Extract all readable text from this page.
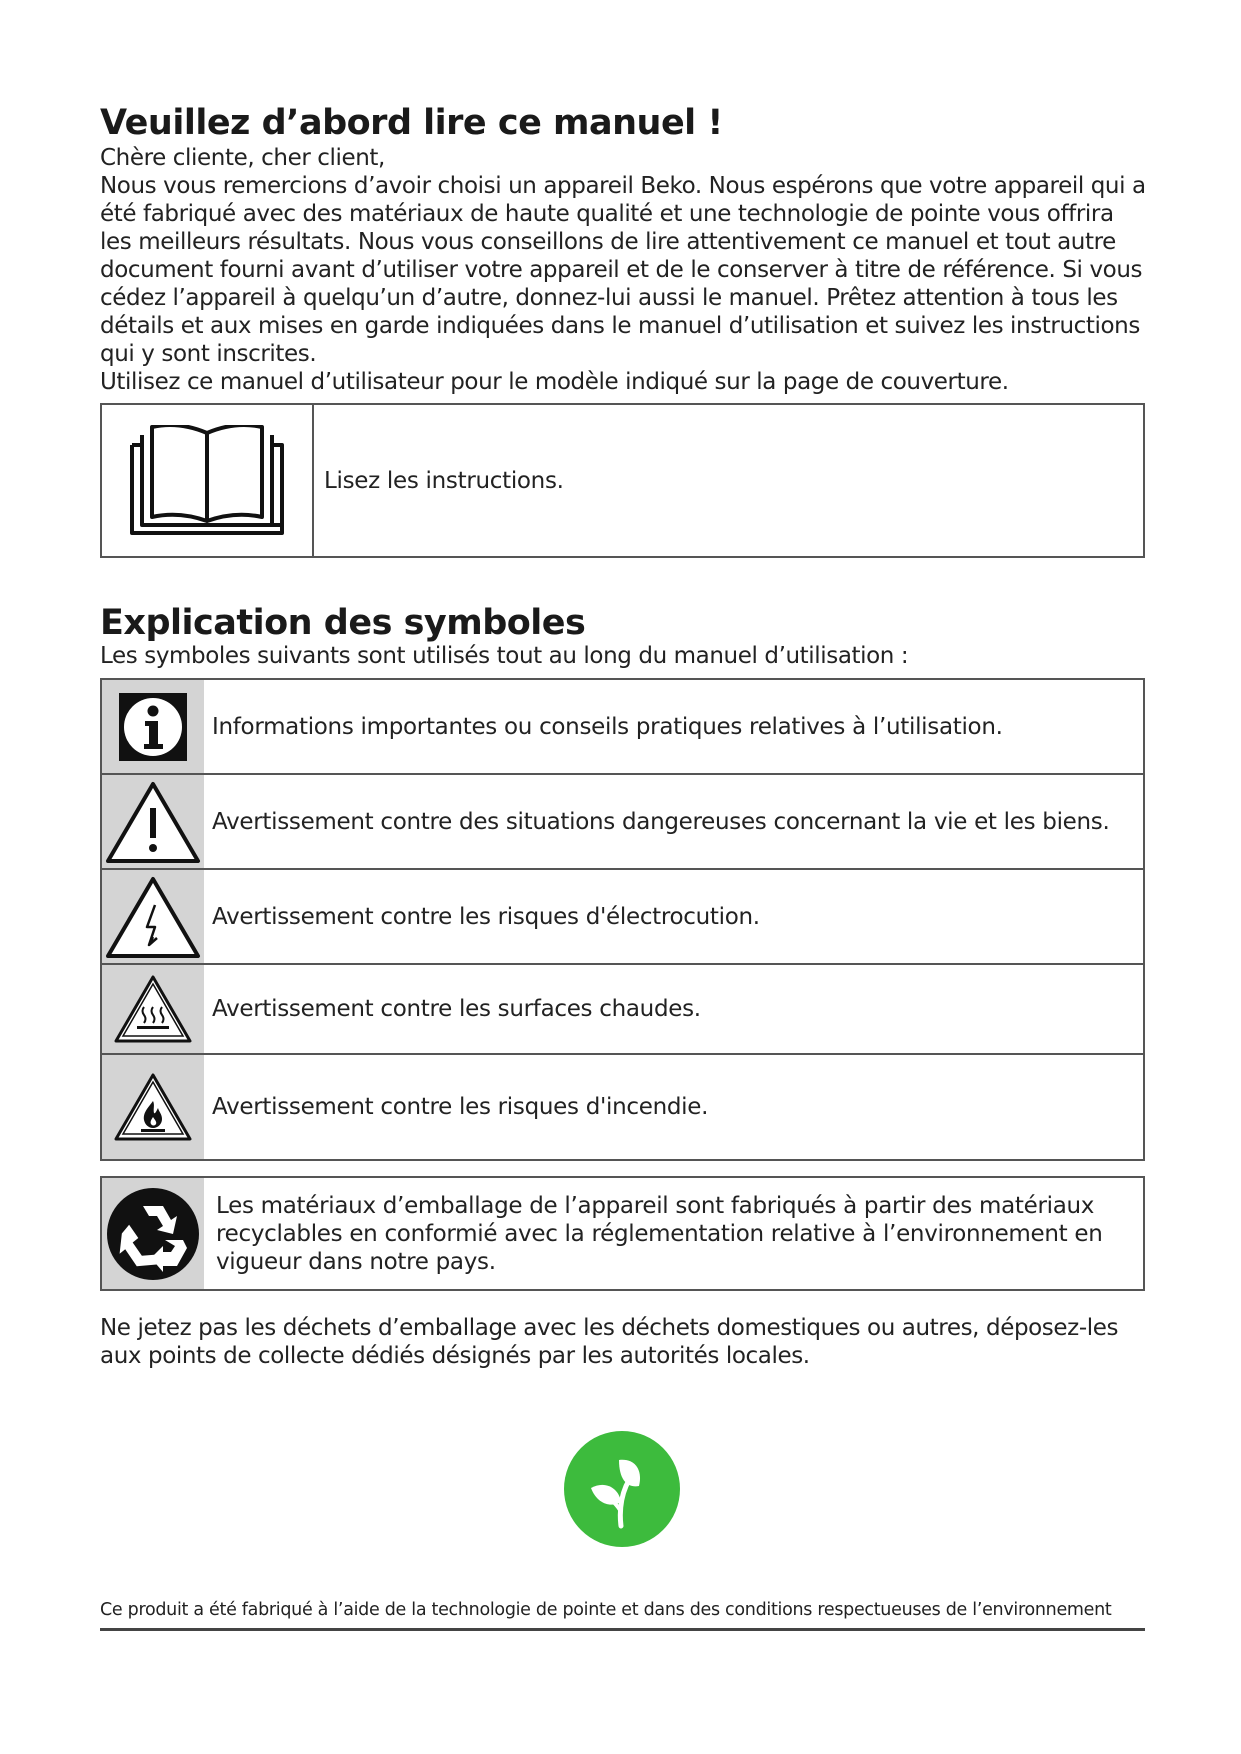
Veuillez d’abord lire ce manuel !

Chère cliente, cher client,

Nous vous remercions d’avoir choisi un appareil Beko. Nous espérons que votre appareil qui a été fabriqué avec des matériaux de haute qualité et une technologie de pointe vous offrira les meilleurs résultats. Nous vous conseillons de lire attentivement ce manuel et tout autre document fourni avant d’utiliser votre appareil et de le conserver à titre de référence. Si vous cédez l’appareil à quelqu’un d’autre, donnez-lui aussi le manuel. Prêtez attention à tous les détails et aux mises en garde indiquées dans le manuel d’utilisation et suivez les instructions qui y sont inscrites.

Utilisez ce manuel d’utilisateur pour le modèle indiqué sur la page de couverture.

Lisez les instructions.
Explication des symboles
Les symboles suivants sont utilisés tout au long du manuel d’utilisation :
Informations importantes ou conseils pratiques relatives à l’utilisation.
Avertissement contre des situations dangereuses concernant la vie et les biens.
Avertissement contre les risques d'électrocution.
Avertissement contre les surfaces chaudes.
Avertissement contre les risques d'incendie.
Les matériaux d’emballage de l’appareil sont fabriqués à partir des matériaux recyclables en conformié avec la réglementation relative à l’environnement en vigueur dans notre pays.
Ne jetez pas les déchets d’emballage avec les déchets domestiques ou autres, déposez-les aux points de collecte dédiés désignés par les autorités locales.
Ce produit a été fabriqué à l’aide de la technologie de pointe et dans des conditions respectueuses de l’environnement
